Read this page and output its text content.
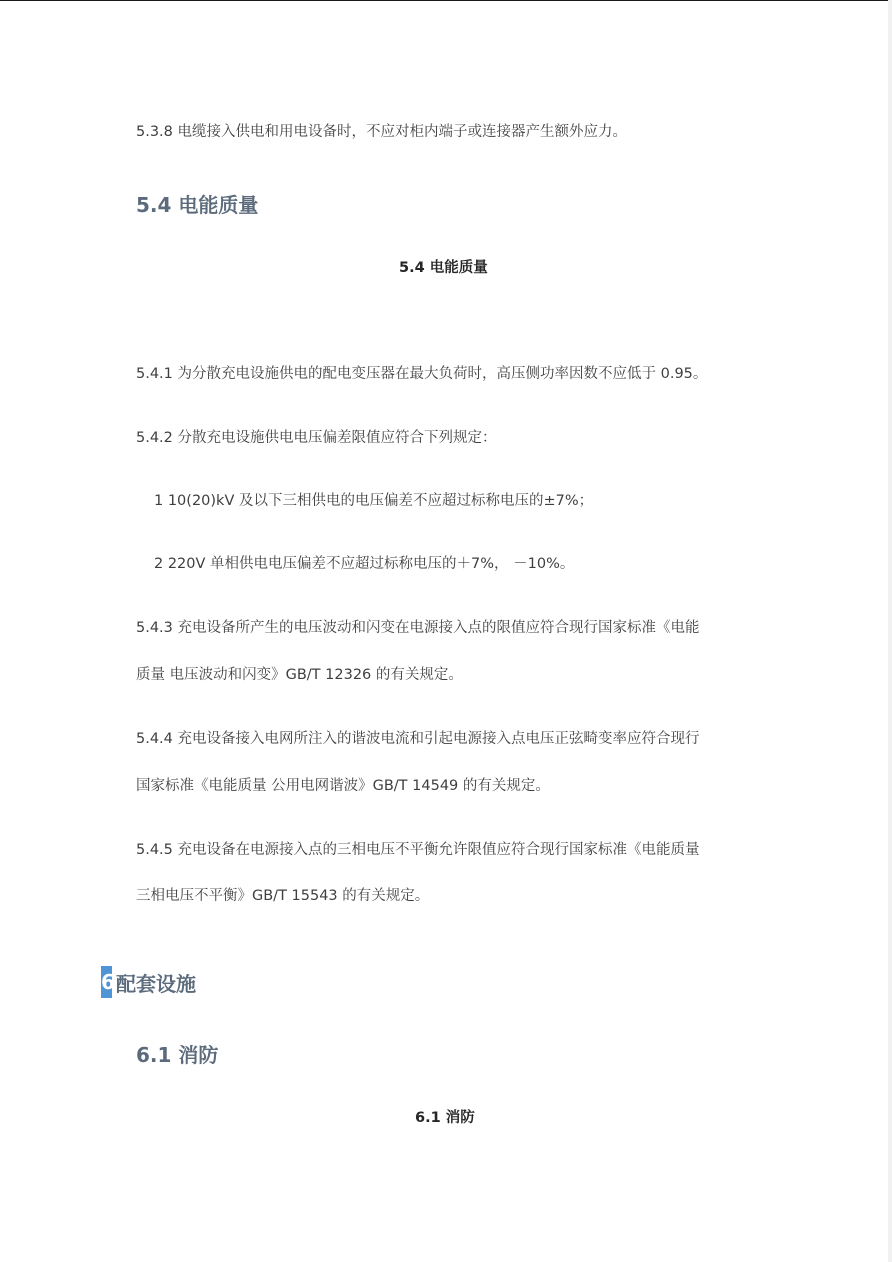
5.3.8 电缆接入供电和用电设备时，不应对柜内端子或连接器产生额外应力。
5.4 电能质量
5.4 电能质量
5.4.1 为分散充电设施供电的配电变压器在最大负荷时，高压侧功率因数不应低于 0.95。
5.4.2 分散充电设施供电电压偏差限值应符合下列规定：
1 10(20)kV 及以下三相供电的电压偏差不应超过标称电压的±7%；
2 220V 单相供电电压偏差不应超过标称电压的＋7%， －10%。
5.4.3 充电设备所产生的电压波动和闪变在电源接入点的限值应符合现行国家标准《电能
质量 电压波动和闪变》GB/T 12326 的有关规定。
5.4.4 充电设备接入电网所注入的谐波电流和引起电源接入点电压正弦畸变率应符合现行
国家标准《电能质量 公用电网谐波》GB/T 14549 的有关规定。
5.4.5 充电设备在电源接入点的三相电压不平衡允许限值应符合现行国家标准《电能质量
三相电压不平衡》GB/T 15543 的有关规定。
6 配套设施
6.1 消防
6.1 消防
